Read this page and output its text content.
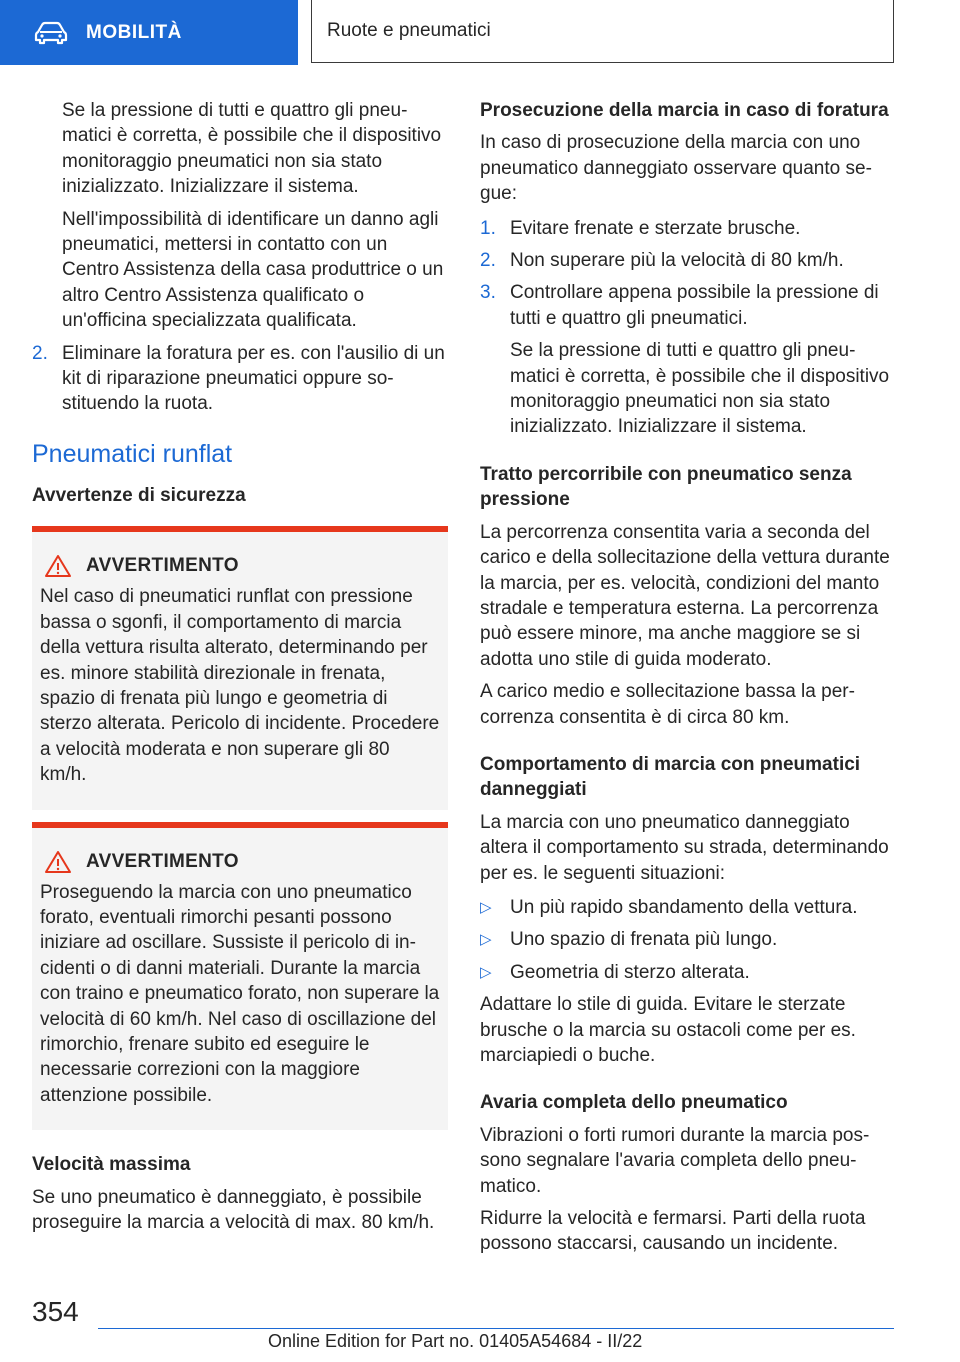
MOBILITÀ	Ruote e pneumatici

Se la pressione di tutti e quattro gli pneumatici è corretta, è possibile che il dispositivo monitoraggio pneumatici non sia stato inizializzato. Inizializzare il sistema.

Nell'impossibilità di identificare un danno agli pneumatici, mettersi in contatto con un Centro Assistenza della casa produttrice o un altro Centro Assistenza qualificato o un'officina specializzata qualificata.

2. Eliminare la foratura per es. con l'ausilio di un kit di riparazione pneumatici oppure sostituendo la ruota.

Pneumatici runflat

Avvertenze di sicurezza

AVVERTIMENTO

Nel caso di pneumatici runflat con pressione bassa o sgonfi, il comportamento di marcia della vettura risulta alterato, determinando per es. minore stabilità direzionale in frenata, spazio di frenata più lungo e geometria di sterzo alterata. Pericolo di incidente. Procedere a velocità moderata e non superare gli 80 km/h.

AVVERTIMENTO

Proseguendo la marcia con uno pneumatico forato, eventuali rimorchi pesanti possono iniziare ad oscillare. Sussiste il pericolo di incidenti o di danni materiali. Durante la marcia con traino e pneumatico forato, non superare la velocità di 60 km/h. Nel caso di oscillazione del rimorchio, frenare subito ed eseguire le necessarie correzioni con la maggiore attenzione possibile.

Velocità massima

Se uno pneumatico è danneggiato, è possibile proseguire la marcia a velocità di max. 80 km/h.

Prosecuzione della marcia in caso di foratura

In caso di prosecuzione della marcia con uno pneumatico danneggiato osservare quanto segue:

1. Evitare frenate e sterzate brusche.

2. Non superare più la velocità di 80 km/h.

3. Controllare appena possibile la pressione di tutti e quattro gli pneumatici.

Se la pressione di tutti e quattro gli pneumatici è corretta, è possibile che il dispositivo monitoraggio pneumatici non sia stato inizializzato. Inizializzare il sistema.

Tratto percorribile con pneumatico senza pressione

La percorrenza consentita varia a seconda del carico e della sollecitazione della vettura durante la marcia, per es. velocità, condizioni del manto stradale e temperatura esterna. La percorrenza può essere minore, ma anche maggiore se si adotta uno stile di guida moderato.

A carico medio e sollecitazione bassa la percorrenza consentita è di circa 80 km.

Comportamento di marcia con pneumatici danneggiati

La marcia con uno pneumatico danneggiato altera il comportamento su strada, determinando per es. le seguenti situazioni:

▷ Un più rapido sbandamento della vettura.

▷ Uno spazio di frenata più lungo.

▷ Geometria di sterzo alterata.

Adattare lo stile di guida. Evitare le sterzate brusche o la marcia su ostacoli come per es. marciapiedi o buche.

Avaria completa dello pneumatico

Vibrazioni o forti rumori durante la marcia possono segnalare l'avaria completa dello pneumatico.

Ridurre la velocità e fermarsi. Parti della ruota possono staccarsi, causando un incidente.

354
Online Edition for Part no. 01405A54684 - II/22
